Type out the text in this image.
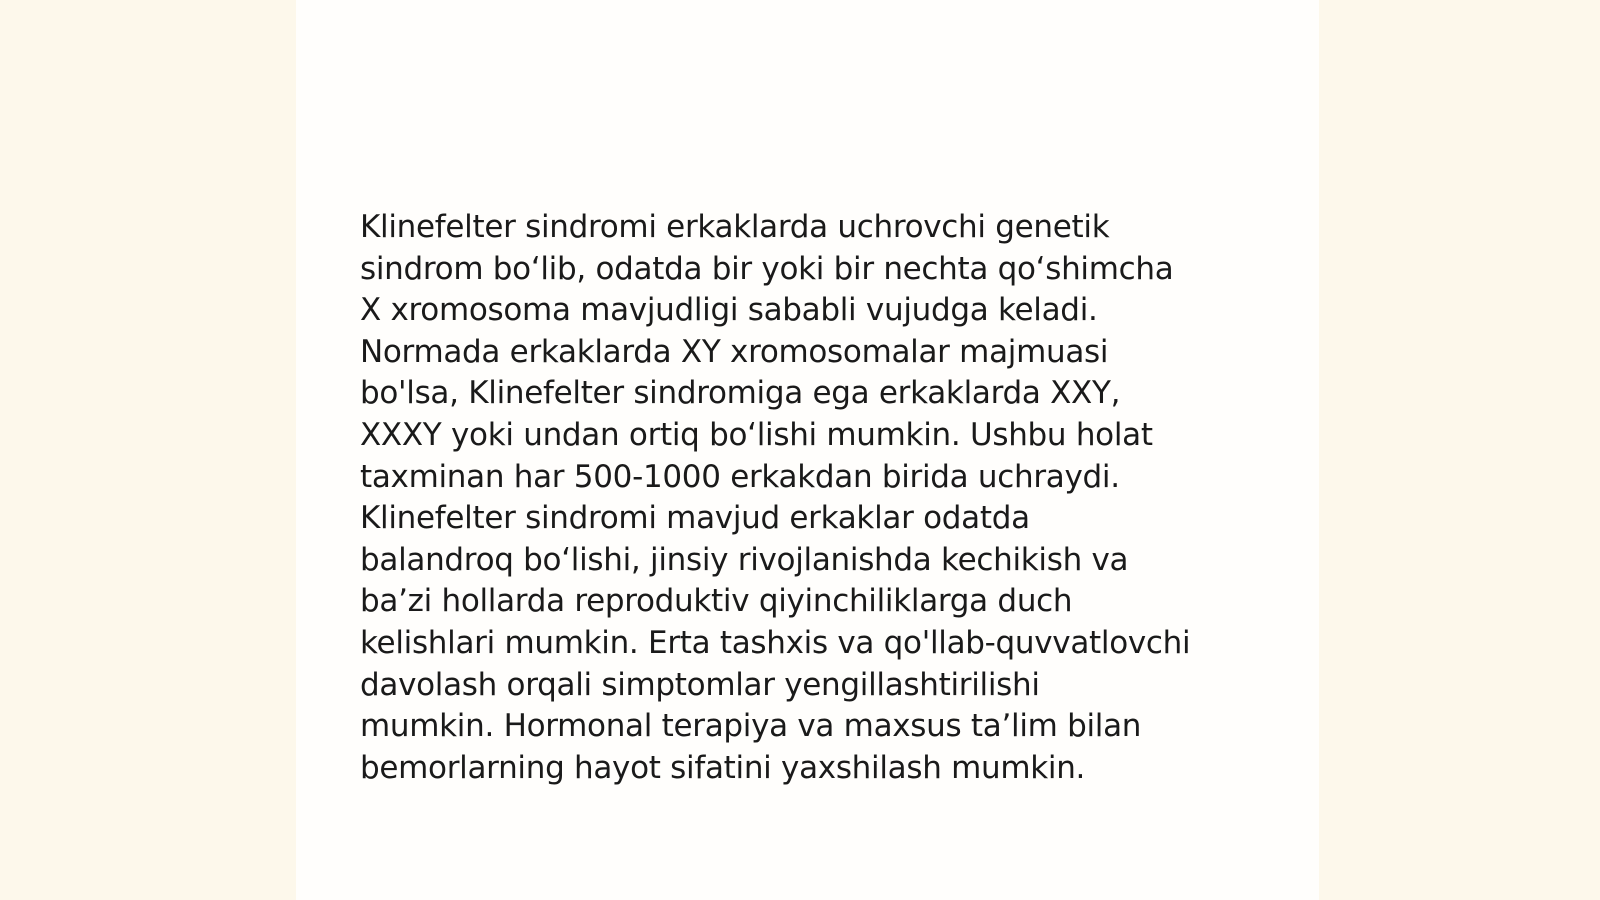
Klinefelter sindromi erkaklarda uchrovchi genetik
sindrom boʻlib, odatda bir yoki bir nechta qoʻshimcha
X xromosoma mavjudligi sababli vujudga keladi.
Normada erkaklarda XY xromosomalar majmuasi
bo'lsa, Klinefelter sindromiga ega erkaklarda XXY,
XXXY yoki undan ortiq boʻlishi mumkin. Ushbu holat
taxminan har 500-1000 erkakdan birida uchraydi.
Klinefelter sindromi mavjud erkaklar odatda
balandroq boʻlishi, jinsiy rivojlanishda kechikish va
baʼzi hollarda reproduktiv qiyinchiliklarga duch
kelishlari mumkin. Erta tashxis va qo'llab-quvvatlovchi
davolash orqali simptomlar yengillashtirilishi
mumkin. Hormonal terapiya va maxsus taʼlim bilan
bemorlarning hayot sifatini yaxshilash mumkin.
